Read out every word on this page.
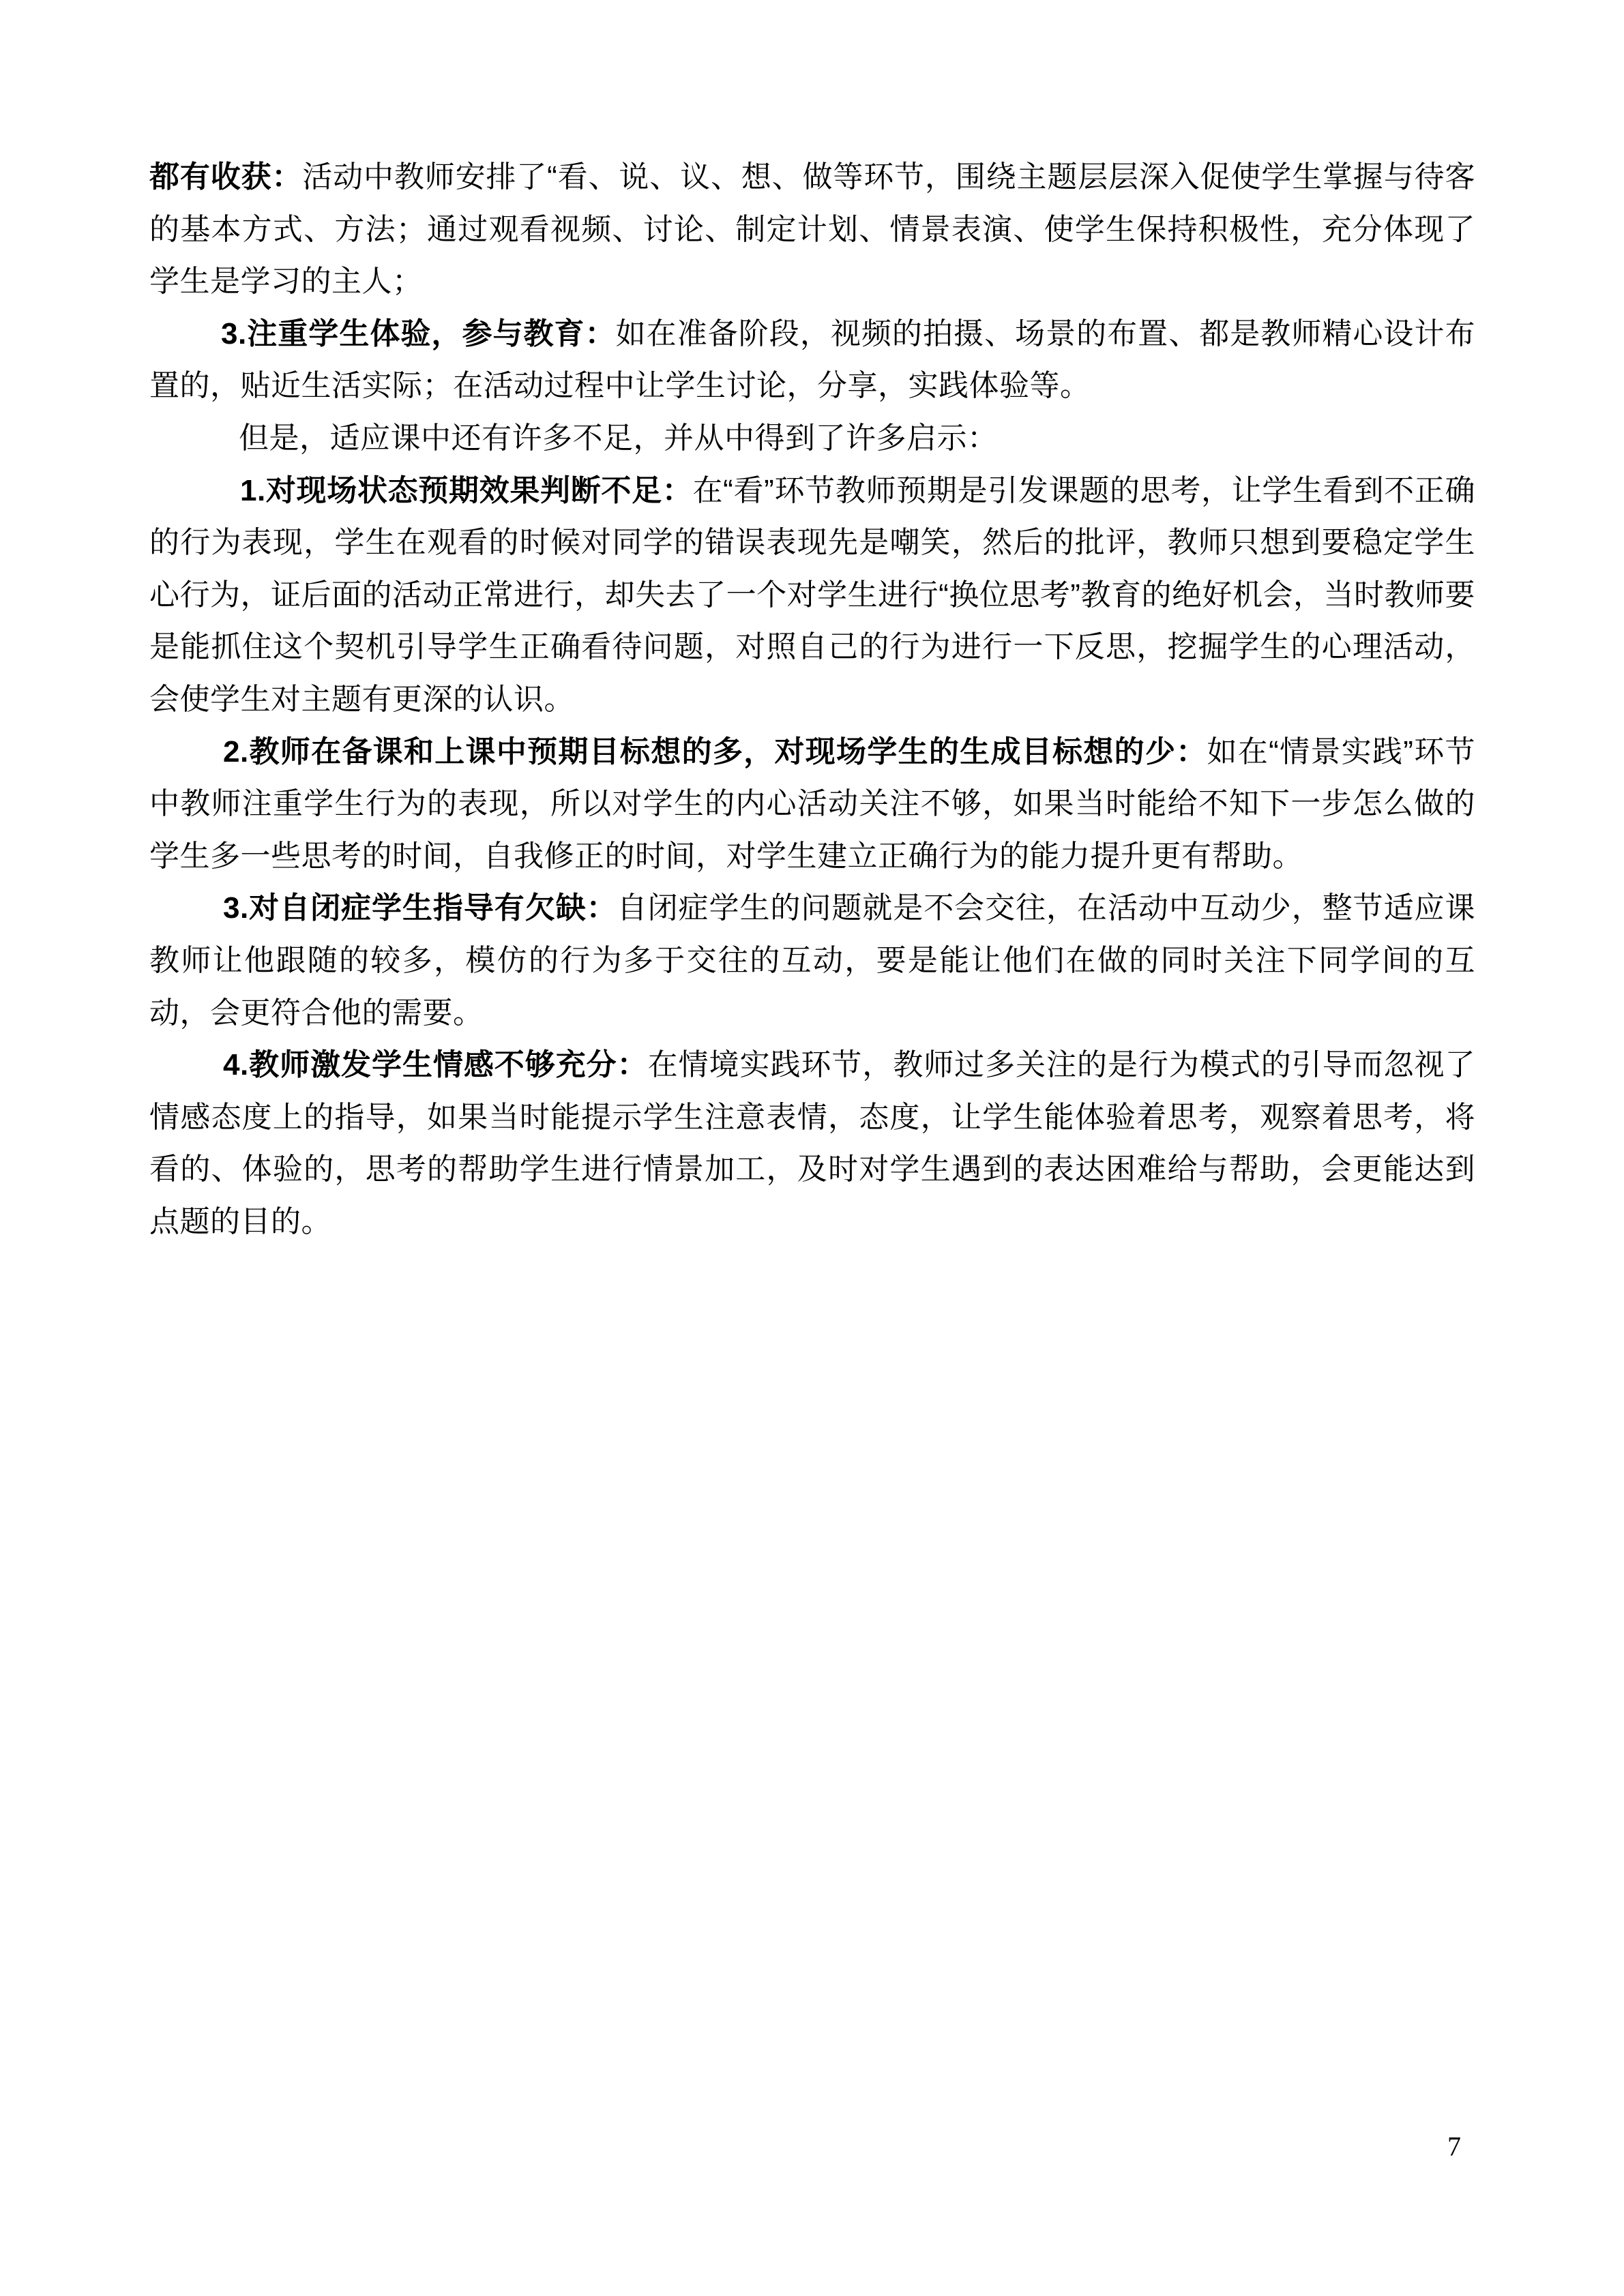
都有收获：活动中教师安排了“看、说、议、想、做等环节，围绕主题层层深入促使学生掌握与待客的基本方式、方法；通过观看视频、讨论、制定计划、情景表演、使学生保持积极性，充分体现了学生是学习的主人；

3.注重学生体验，参与教育：如在准备阶段，视频的拍摄、场景的布置、都是教师精心设计布置的，贴近生活实际；在活动过程中让学生讨论，分享，实践体验等。

但是，适应课中还有许多不足，并从中得到了许多启示：

1.对现场状态预期效果判断不足：在“看”环节教师预期是引发课题的思考，让学生看到不正确的行为表现，学生在观看的时候对同学的错误表现先是嘲笑，然后的批评，教师只想到要稳定学生心行为，证后面的活动正常进行，却失去了一个对学生进行“换位思考”教育的绝好机会，当时教师要是能抓住这个契机引导学生正确看待问题，对照自己的行为进行一下反思，挖掘学生的心理活动，会使学生对主题有更深的认识。

2.教师在备课和上课中预期目标想的多，对现场学生的生成目标想的少：如在“情景实践”环节中教师注重学生行为的表现，所以对学生的内心活动关注不够，如果当时能给不知下一步怎么做的学生多一些思考的时间，自我修正的时间，对学生建立正确行为的能力提升更有帮助。

3.对自闭症学生指导有欠缺：自闭症学生的问题就是不会交往，在活动中互动少，整节适应课教师让他跟随的较多，模仿的行为多于交往的互动，要是能让他们在做的同时关注下同学间的互动，会更符合他的需要。

4.教师激发学生情感不够充分：在情境实践环节，教师过多关注的是行为模式的引导而忽视了情感态度上的指导，如果当时能提示学生注意表情，态度，让学生能体验着思考，观察着思考，将看的、体验的，思考的帮助学生进行情景加工，及时对学生遇到的表达困难给与帮助，会更能达到点题的目的。

7
